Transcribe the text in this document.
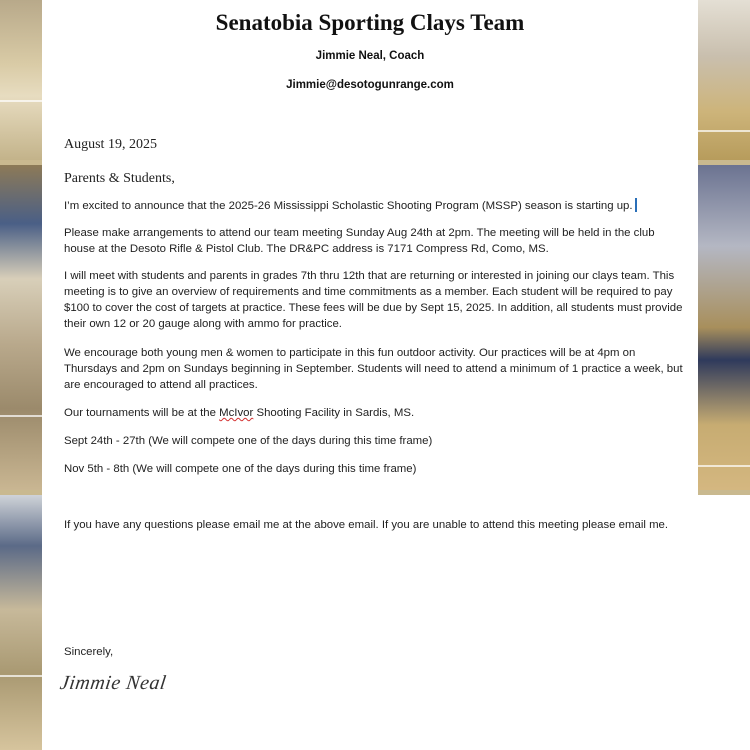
Senatobia Sporting Clays Team
Jimmie Neal, Coach
Jimmie@desotogunrange.com
August 19, 2025
Parents & Students,
I’m excited to announce that the 2025-26 Mississippi Scholastic Shooting Program (MSSP) season is starting up.
Please make arrangements to attend our team meeting Sunday Aug 24th at 2pm. The meeting will be held in the club house at the Desoto Rifle & Pistol Club. The DR&PC address is 7171 Compress Rd, Como, MS.
I will meet with students and parents in grades 7th thru 12th that are returning or interested in joining our clays team. This meeting is to give an overview of requirements and time commitments as a member. Each student will be required to pay $100 to cover the cost of targets at practice. These fees will be due by Sept 15, 2025. In addition, all students must provide their own 12 or 20 gauge along with ammo for practice.
We encourage both young men & women to participate in this fun outdoor activity. Our practices will be at 4pm on Thursdays and 2pm on Sundays beginning in September. Students will need to attend a minimum of 1 practice a week, but are encouraged to attend all practices.
Our tournaments will be at the McIvor Shooting Facility in Sardis, MS.
Sept 24th - 27th (We will compete one of the days during this time frame)
Nov 5th - 8th (We will compete one of the days during this time frame)
If you have any questions please email me at the above email. If you are unable to attend this meeting please email me.
Sincerely,
Jimmie Neal
